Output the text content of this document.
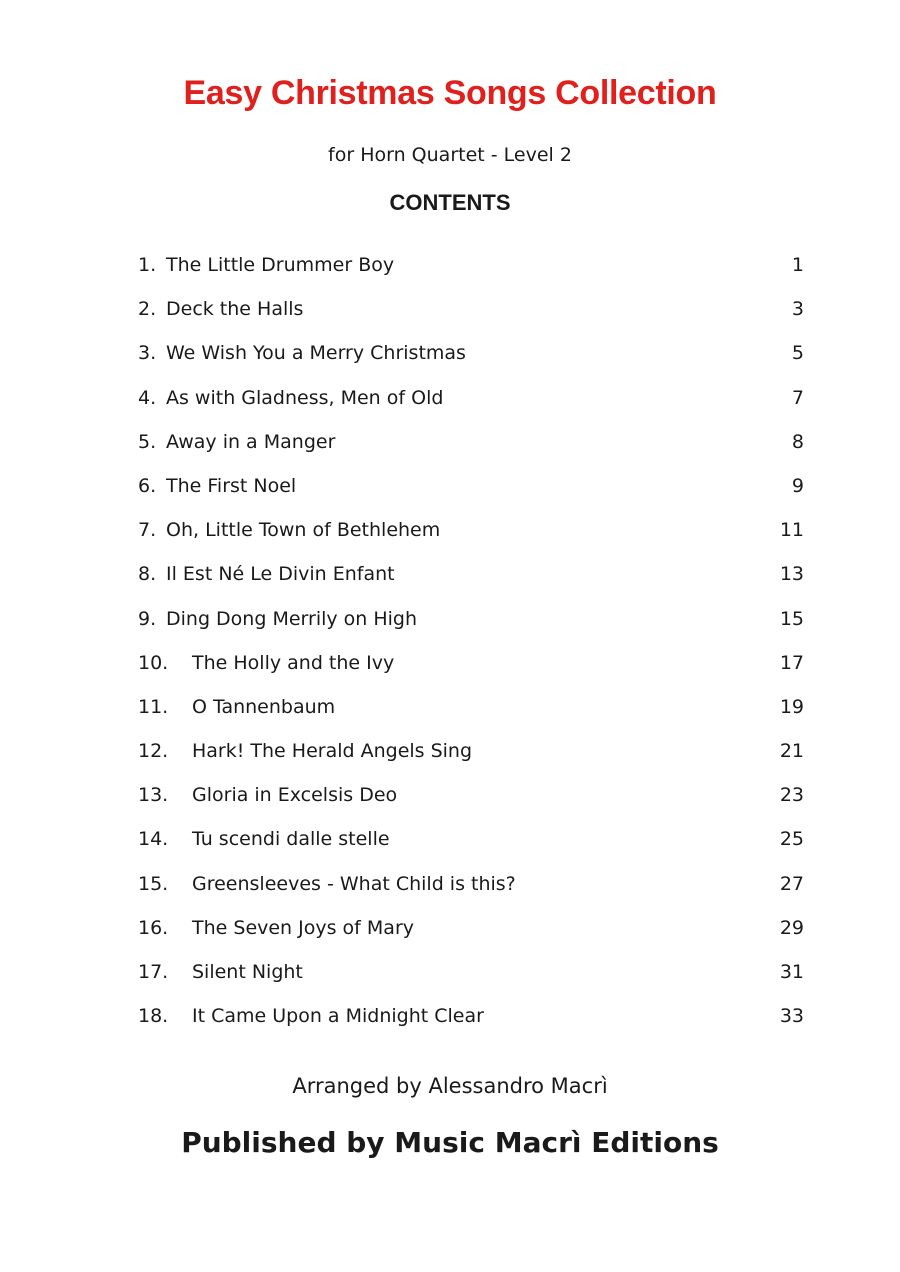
Easy Christmas Songs Collection

for Horn Quartet - Level 2

CONTENTS
1. The Little Drummer Boy	1
2. Deck the Halls	3
3. We Wish You a Merry Christmas	5
4. As with Gladness, Men of Old	7
5. Away in a Manger	8
6. The First Noel	9
7. Oh, Little Town of Bethlehem	11
8. Il Est Né Le Divin Enfant	13
9. Ding Dong Merrily on High	15
10. The Holly and the Ivy	17
11. O Tannenbaum	19
12. Hark! The Herald Angels Sing	21
13. Gloria in Excelsis Deo	23
14. Tu scendi dalle stelle	25
15. Greensleeves - What Child is this?	27
16. The Seven Joys of Mary	29
17. Silent Night	31
18. It Came Upon a Midnight Clear	33

Arranged by Alessandro Macrì

Published by Music Macrì Editions
